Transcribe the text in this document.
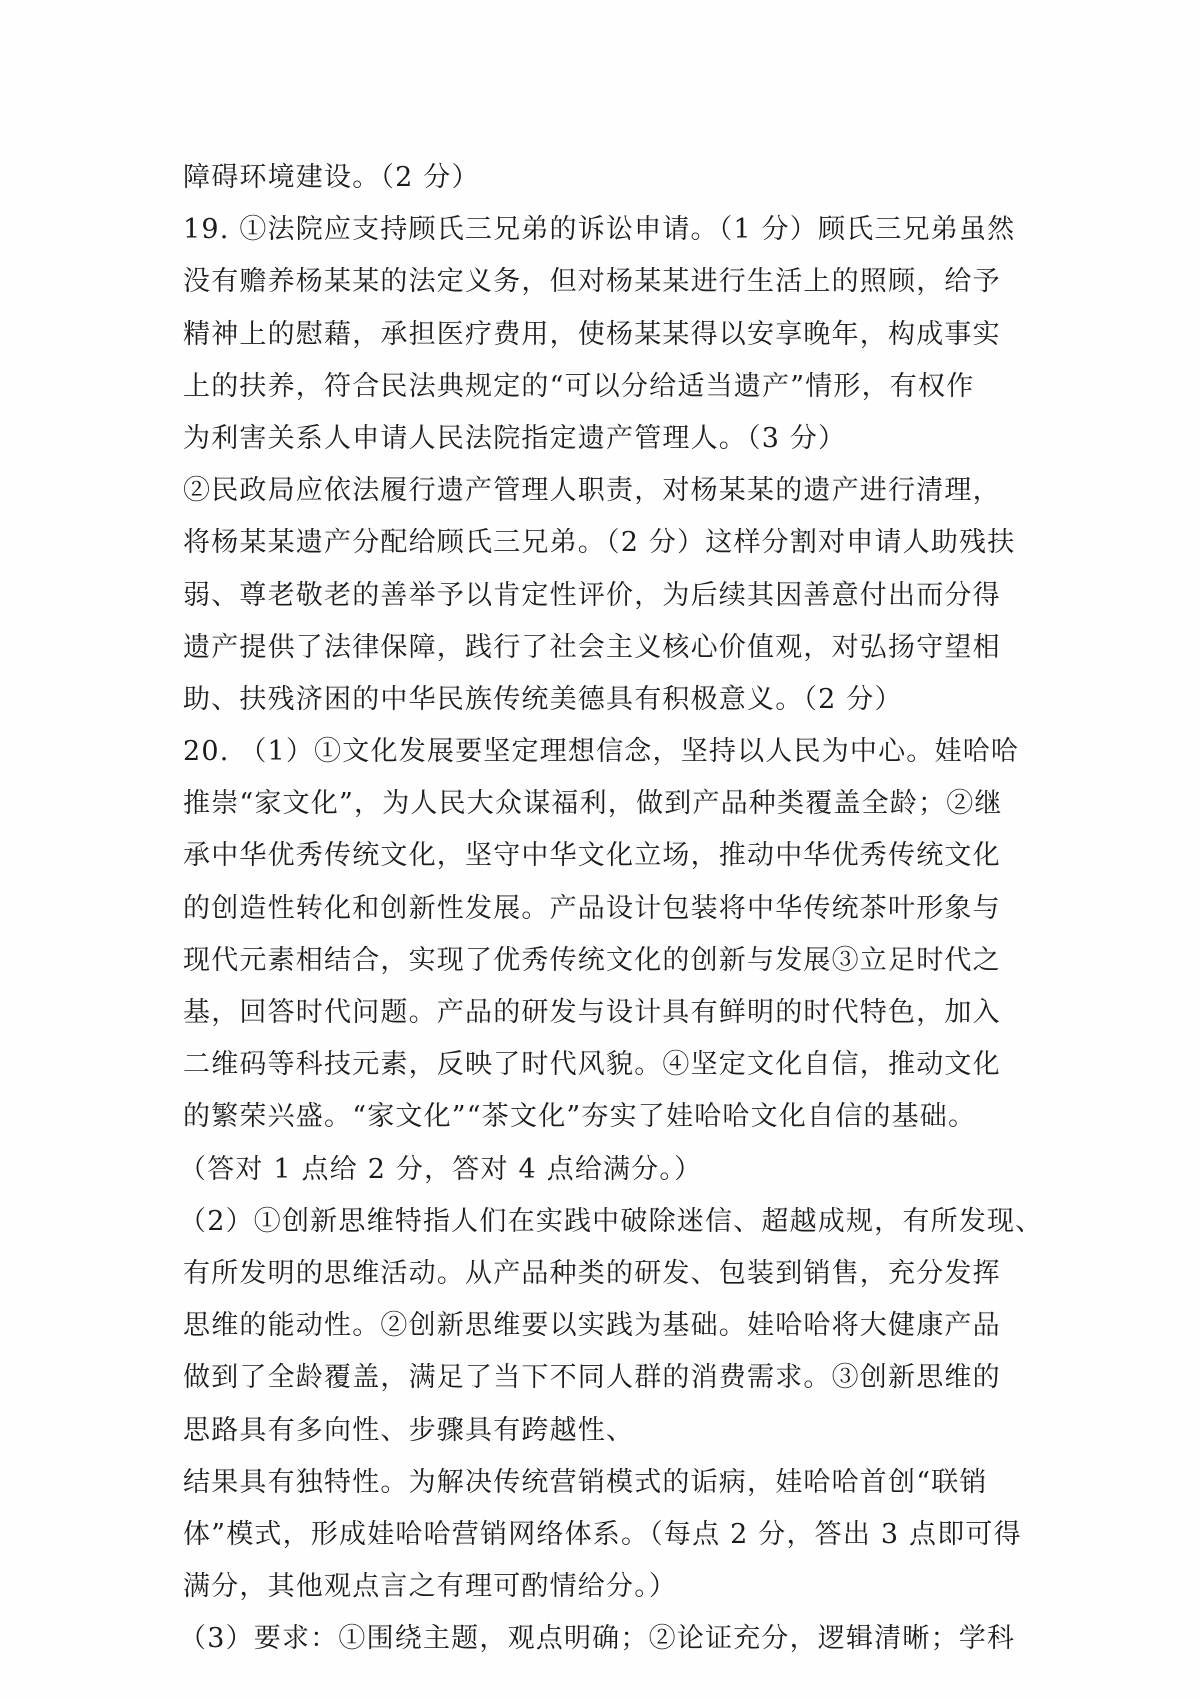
障碍环境建设。（2 分）
19. ①法院应支持顾氏三兄弟的诉讼申请。（1 分）顾氏三兄弟虽然
没有赡养杨某某的法定义务，但对杨某某进行生活上的照顾，给予
精神上的慰藉，承担医疗费用，使杨某某得以安享晚年，构成事实
上的扶养，符合民法典规定的“可以分给适当遗产”情形，有权作
为利害关系人申请人民法院指定遗产管理人。（3 分）
②民政局应依法履行遗产管理人职责，对杨某某的遗产进行清理，
将杨某某遗产分配给顾氏三兄弟。（2 分）这样分割对申请人助残扶
弱、尊老敬老的善举予以肯定性评价，为后续其因善意付出而分得
遗产提供了法律保障，践行了社会主义核心价值观，对弘扬守望相
助、扶残济困的中华民族传统美德具有积极意义。（2 分）
20. （1）①文化发展要坚定理想信念，坚持以人民为中心。娃哈哈
推崇“家文化”，为人民大众谋福利，做到产品种类覆盖全龄；②继
承中华优秀传统文化，坚守中华文化立场，推动中华优秀传统文化
的创造性转化和创新性发展。产品设计包装将中华传统茶叶形象与
现代元素相结合，实现了优秀传统文化的创新与发展③立足时代之
基，回答时代问题。产品的研发与设计具有鲜明的时代特色，加入
二维码等科技元素，反映了时代风貌。④坚定文化自信，推动文化
的繁荣兴盛。“家文化”“茶文化”夯实了娃哈哈文化自信的基础。
（答对 1 点给 2 分，答对 4 点给满分。）
（2）①创新思维特指人们在实践中破除迷信、超越成规，有所发现、
有所发明的思维活动。从产品种类的研发、包装到销售，充分发挥
思维的能动性。②创新思维要以实践为基础。娃哈哈将大健康产品
做到了全龄覆盖，满足了当下不同人群的消费需求。③创新思维的
思路具有多向性、步骤具有跨越性、
结果具有独特性。为解决传统营销模式的诟病，娃哈哈首创“联销
体”模式，形成娃哈哈营销网络体系。（每点 2 分，答出 3 点即可得
满分，其他观点言之有理可酌情给分。）
（3）要求：①围绕主题，观点明确；②论证充分，逻辑清晰；学科
